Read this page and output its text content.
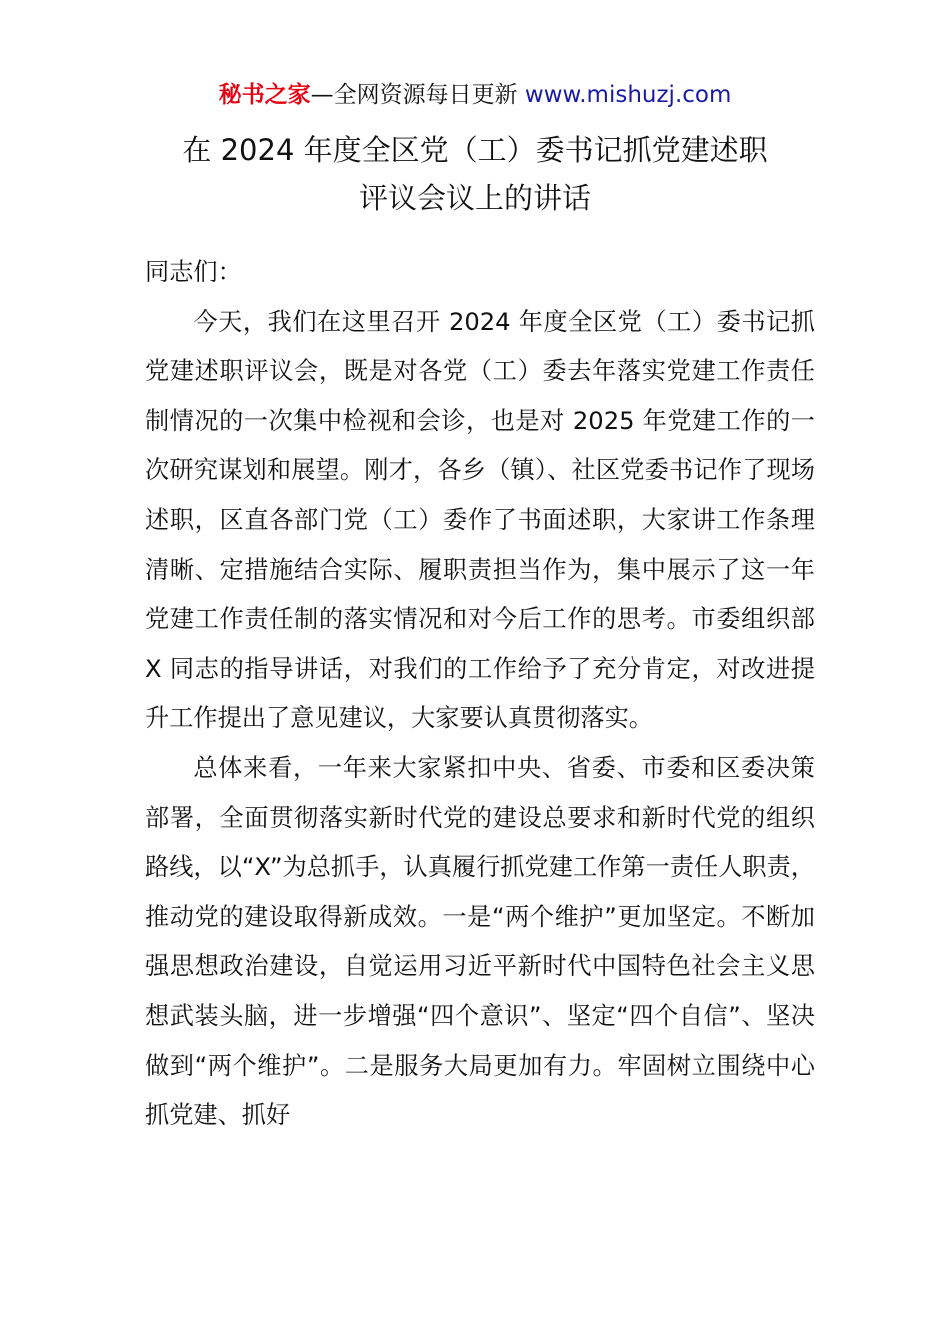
秘书之家—全网资源每日更新 www.mishuzj.com
在 2024 年度全区党（工）委书记抓党建述职
评议会议上的讲话

同志们：

今天，我们在这里召开 2024 年度全区党（工）委书记抓党建述职评议会，既是对各党（工）委去年落实党建工作责任制情况的一次集中检视和会诊，也是对 2025 年党建工作的一次研究谋划和展望。刚才，各乡（镇）、社区党委书记作了现场述职，区直各部门党（工）委作了书面述职，大家讲工作条理清晰、定措施结合实际、履职责担当作为，集中展示了这一年党建工作责任制的落实情况和对今后工作的思考。市委组织部 X 同志的指导讲话，对我们的工作给予了充分肯定，对改进提升工作提出了意见建议，大家要认真贯彻落实。

总体来看，一年来大家紧扣中央、省委、市委和区委决策部署，全面贯彻落实新时代党的建设总要求和新时代党的组织路线，以“X”为总抓手，认真履行抓党建工作第一责任人职责，推动党的建设取得新成效。一是“两个维护”更加坚定。不断加强思想政治建设，自觉运用习近平新时代中国特色社会主义思想武装头脑，进一步增强“四个意识”、坚定“四个自信”、坚决做到“两个维护”。二是服务大局更加有力。牢固树立围绕中心抓党建、抓好
